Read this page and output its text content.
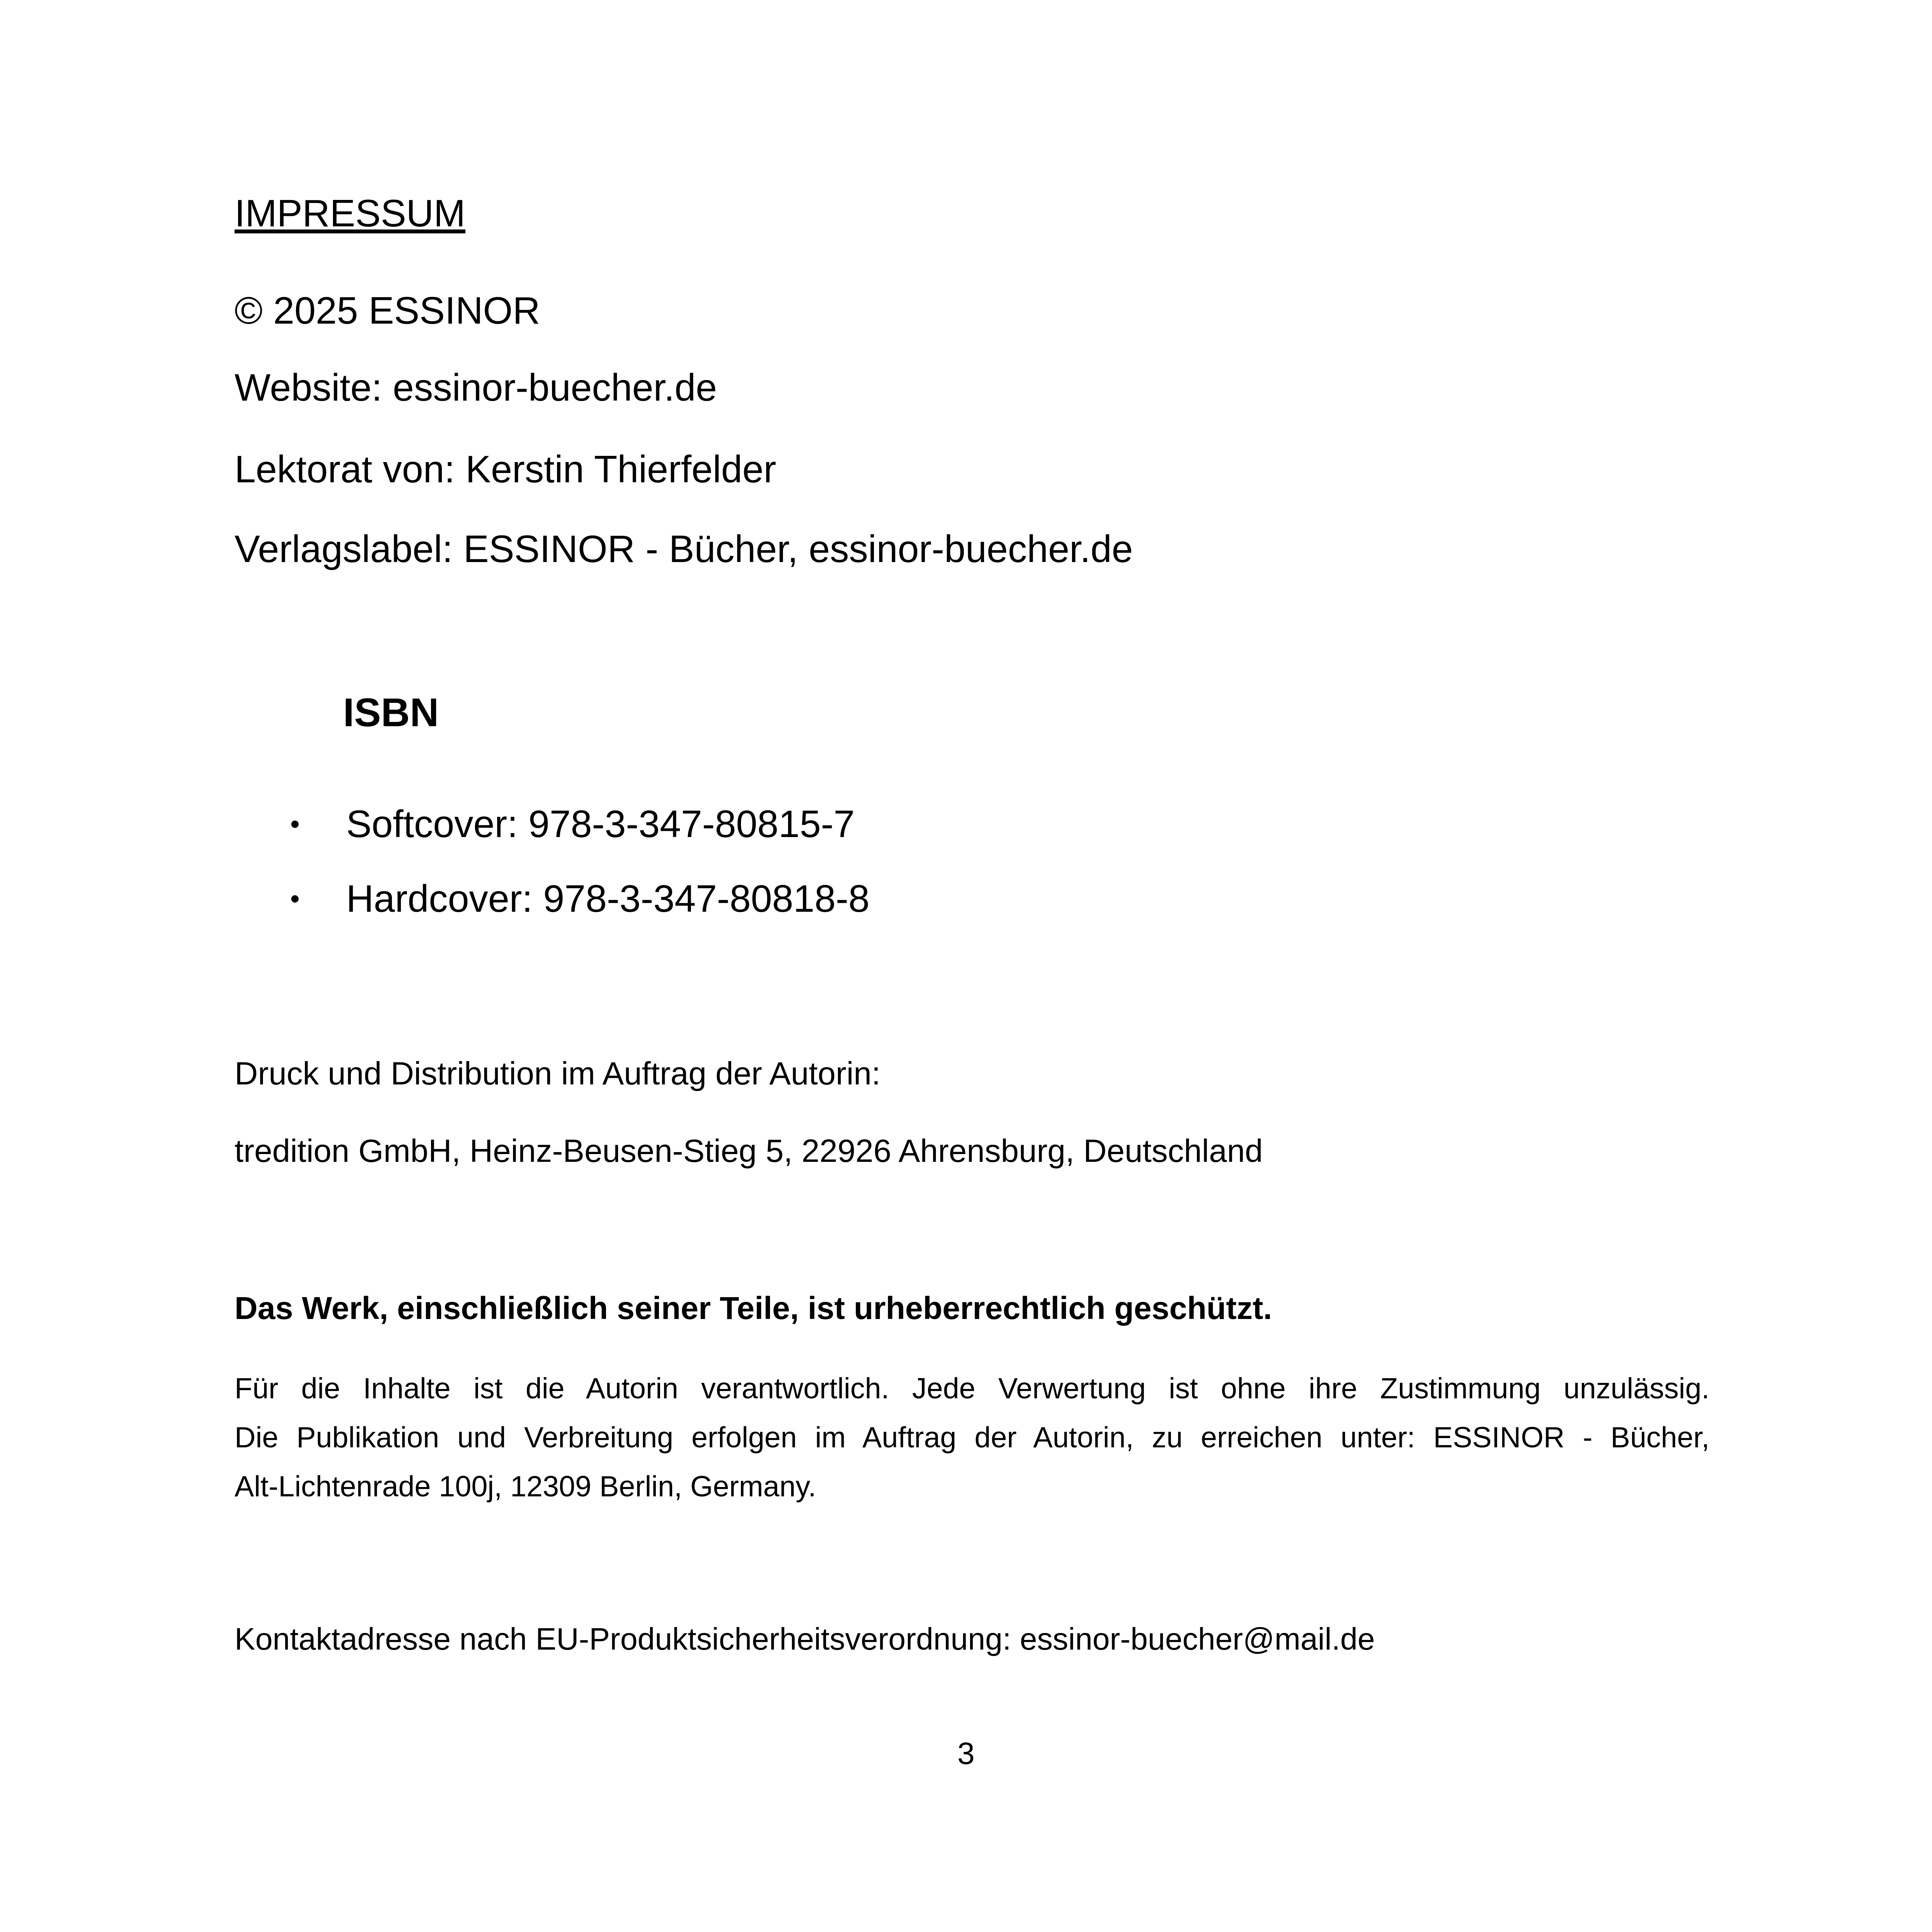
IMPRESSUM
© 2025 ESSINOR
Website: essinor-buecher.de
Lektorat von: Kerstin Thierfelder
Verlagslabel: ESSINOR - Bücher, essinor-buecher.de
ISBN
•	Softcover: 978-3-347-80815-7
•	Hardcover: 978-3-347-80818-8
Druck und Distribution im Auftrag der Autorin:
tredition GmbH, Heinz-Beusen-Stieg 5, 22926 Ahrensburg, Deutschland
Das Werk, einschließlich seiner Teile, ist urheberrechtlich geschützt.
Für die Inhalte ist die Autorin verantwortlich. Jede Verwertung ist ohne ihre Zustimmung unzulässig.
Die Publikation und Verbreitung erfolgen im Auftrag der Autorin, zu erreichen unter: ESSINOR - Bücher,
Alt-Lichtenrade 100j, 12309 Berlin, Germany.
Kontaktadresse nach EU-Produktsicherheitsverordnung: essinor-buecher@mail.de
3
